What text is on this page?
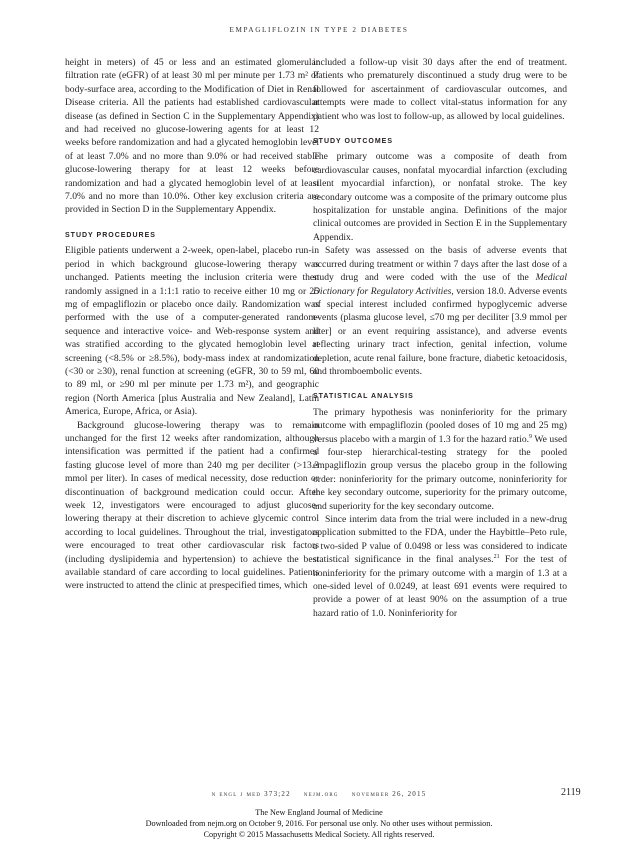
EMPAGLIFLOZIN IN TYPE 2 DIABETES

height in meters) of 45 or less and an estimated glomerular filtration rate (eGFR) of at least 30 ml per minute per 1.73 m² of body-surface area, according to the Modification of Diet in Renal Disease criteria. All the patients had established cardiovascular disease (as defined in Section C in the Supplementary Appendix) and had received no glucose-lowering agents for at least 12 weeks before randomization and had a glycated hemoglobin level of at least 7.0% and no more than 9.0% or had received stable glucose-lowering therapy for at least 12 weeks before randomization and had a glycated hemoglobin level of at least 7.0% and no more than 10.0%. Other key exclusion criteria are provided in Section D in the Supplementary Appendix.

STUDY PROCEDURES

Eligible patients underwent a 2-week, open-label, placebo run-in period in which background glucose-lowering therapy was unchanged. Patients meeting the inclusion criteria were then randomly assigned in a 1:1:1 ratio to receive either 10 mg or 25 mg of empagliflozin or placebo once daily. Randomization was performed with the use of a computer-generated random-sequence and interactive voice- and Web-response system and was stratified according to the glycated hemoglobin level at screening (<8.5% or ≥8.5%), body-mass index at randomization (<30 or ≥30), renal function at screening (eGFR, 30 to 59 ml, 60 to 89 ml, or ≥90 ml per minute per 1.73 m²), and geographic region (North America [plus Australia and New Zealand], Latin America, Europe, Africa, or Asia).

Background glucose-lowering therapy was to remain unchanged for the first 12 weeks after randomization, although intensification was permitted if the patient had a confirmed fasting glucose level of more than 240 mg per deciliter (>13.3 mmol per liter). In cases of medical necessity, dose reduction or discontinuation of background medication could occur. After week 12, investigators were encouraged to adjust glucose-lowering therapy at their discretion to achieve glycemic control according to local guidelines. Throughout the trial, investigators were encouraged to treat other cardiovascular risk factors (including dyslipidemia and hypertension) to achieve the best available standard of care according to local guidelines. Patients were instructed to attend the clinic at prespecified times, which

included a follow-up visit 30 days after the end of treatment. Patients who prematurely discontinued a study drug were to be followed for ascertainment of cardiovascular outcomes, and attempts were made to collect vital-status information for any patient who was lost to follow-up, as allowed by local guidelines.

STUDY OUTCOMES

The primary outcome was a composite of death from cardiovascular causes, nonfatal myocardial infarction (excluding silent myocardial infarction), or nonfatal stroke. The key secondary outcome was a composite of the primary outcome plus hospitalization for unstable angina. Definitions of the major clinical outcomes are provided in Section E in the Supplementary Appendix.

Safety was assessed on the basis of adverse events that occurred during treatment or within 7 days after the last dose of a study drug and were coded with the use of the Medical Dictionary for Regulatory Activities, version 18.0. Adverse events of special interest included confirmed hypoglycemic adverse events (plasma glucose level, ≤70 mg per deciliter [3.9 mmol per liter] or an event requiring assistance), and adverse events reflecting urinary tract infection, genital infection, volume depletion, acute renal failure, bone fracture, diabetic ketoacidosis, and thromboembolic events.

STATISTICAL ANALYSIS

The primary hypothesis was noninferiority for the primary outcome with empagliflozin (pooled doses of 10 mg and 25 mg) versus placebo with a margin of 1.3 for the hazard ratio.$^9$ We used a four-step hierarchical-testing strategy for the pooled empagliflozin group versus the placebo group in the following order: noninferiority for the primary outcome, noninferiority for the key secondary outcome, superiority for the primary outcome, and superiority for the key secondary outcome.

Since interim data from the trial were included in a new-drug application submitted to the FDA, under the Haybittle–Peto rule, a two-sided P value of 0.0498 or less was considered to indicate statistical significance in the final analyses.$^{21}$ For the test of noninferiority for the primary outcome with a margin of 1.3 at a one-sided level of 0.0249, at least 691 events were required to provide a power of at least 90% on the assumption of a true hazard ratio of 1.0. Noninferiority for

n engl j med 373;22 nejm.org november 26, 2015	2119
The New England Journal of Medicine
Downloaded from nejm.org on October 9, 2016. For personal use only. No other uses without permission.
Copyright © 2015 Massachusetts Medical Society. All rights reserved.
